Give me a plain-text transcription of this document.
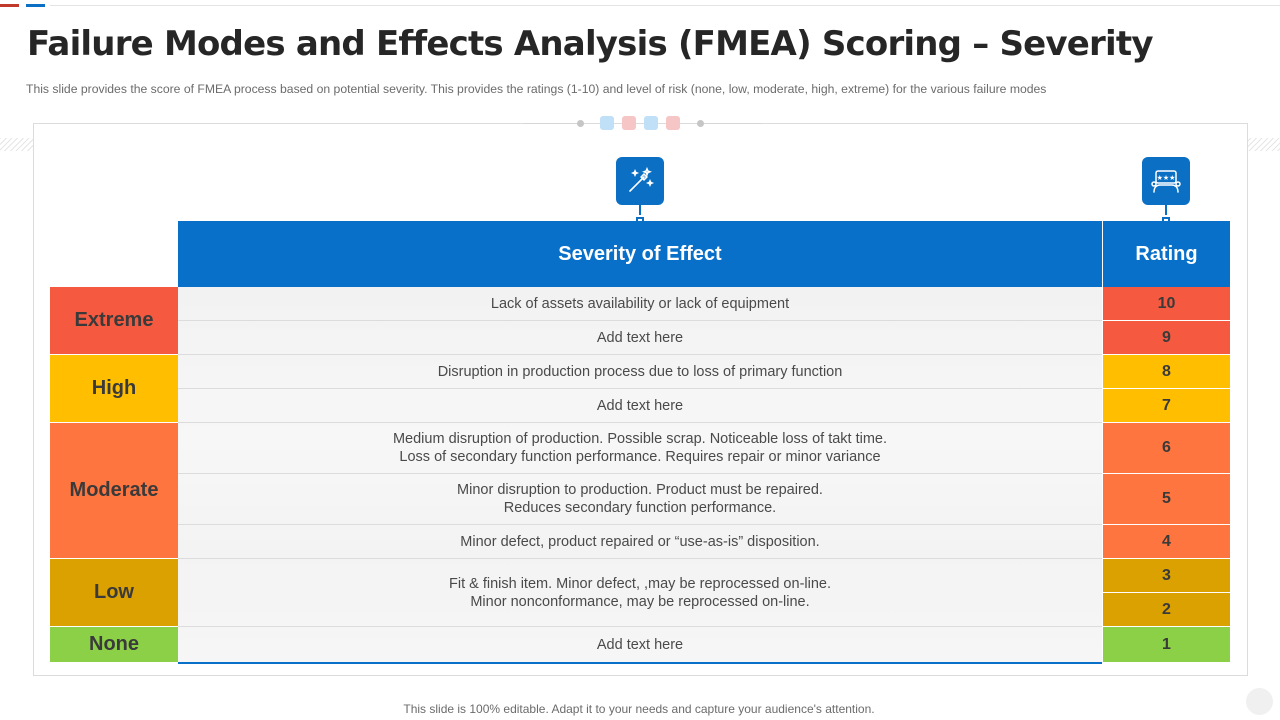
Failure Modes and Effects Analysis (FMEA) Scoring – Severity
This slide provides the score of FMEA process based on potential severity. This provides the ratings (1-10) and level of risk (none, low, moderate, high, extreme) for the various failure modes
★★★
Severity of Effect	Rating
Extreme
High
Moderate
Low
None
Lack of assets availability or lack of equipment
Add text here
Disruption in production process due to loss of primary function
Add text here
Medium disruption of production. Possible scrap. Noticeable loss of takt time.
Loss of secondary function performance. Requires repair or minor variance
Minor disruption to production. Product must be repaired.
Reduces secondary function performance.
Minor defect, product repaired or “use-as-is” disposition.
Fit & finish item. Minor defect, ,may be reprocessed on-line.
Minor nonconformance, may be reprocessed on-line.
Add text here
10
9
8
7
6
5
4
3
2
1
This slide is 100% editable. Adapt it to your needs and capture your audience's attention.
